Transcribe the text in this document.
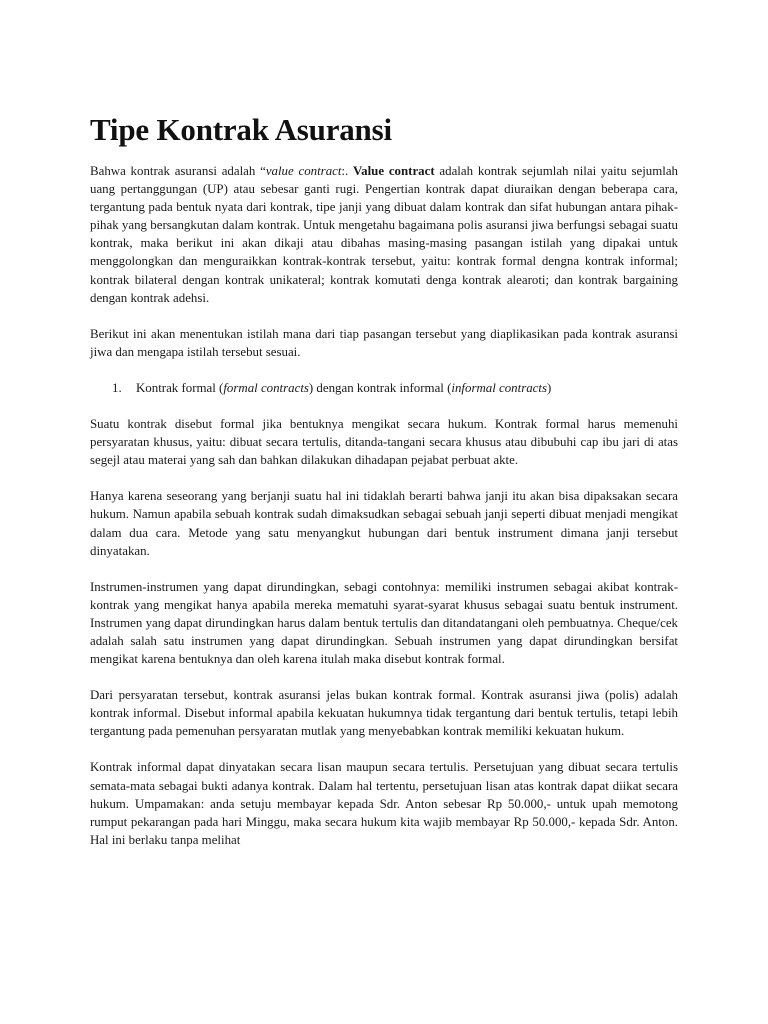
Tipe Kontrak Asuransi

Bahwa kontrak asuransi adalah “value contract:. Value contract adalah kontrak sejumlah nilai yaitu sejumlah uang pertanggungan (UP) atau sebesar ganti rugi. Pengertian kontrak dapat diuraikan dengan beberapa cara, tergantung pada bentuk nyata dari kontrak, tipe janji yang dibuat dalam kontrak dan sifat hubungan antara pihak-pihak yang bersangkutan dalam kontrak. Untuk mengetahu bagaimana polis asuransi jiwa berfungsi sebagai suatu kontrak, maka berikut ini akan dikaji atau dibahas masing-masing pasangan istilah yang dipakai untuk menggolongkan dan menguraikkan kontrak-kontrak tersebut, yaitu: kontrak formal dengna kontrak informal; kontrak bilateral dengan kontrak unikateral; kontrak komutati denga kontrak alearoti; dan kontrak bargaining dengan kontrak adehsi.

Berikut ini akan menentukan istilah mana dari tiap pasangan tersebut yang diaplikasikan pada kontrak asuransi jiwa dan mengapa istilah tersebut sesuai.

1. Kontrak formal (formal contracts) dengan kontrak informal (informal contracts)

Suatu kontrak disebut formal jika bentuknya mengikat secara hukum. Kontrak formal harus memenuhi persyaratan khusus, yaitu: dibuat secara tertulis, ditanda-tangani secara khusus atau dibubuhi cap ibu jari di atas segejl atau materai yang sah dan bahkan dilakukan dihadapan pejabat perbuat akte.

Hanya karena seseorang yang berjanji suatu hal ini tidaklah berarti bahwa janji itu akan bisa dipaksakan secara hukum. Namun apabila sebuah kontrak sudah dimaksudkan sebagai sebuah janji seperti dibuat menjadi mengikat dalam dua cara. Metode yang satu menyangkut hubungan dari bentuk instrument dimana janji tersebut dinyatakan.

Instrumen-instrumen yang dapat dirundingkan, sebagi contohnya: memiliki instrumen sebagai akibat kontrak-kontrak yang mengikat hanya apabila mereka mematuhi syarat-syarat khusus sebagai suatu bentuk instrument. Instrumen yang dapat dirundingkan harus dalam bentuk tertulis dan ditandatangani oleh pembuatnya. Cheque/cek adalah salah satu instrumen yang dapat dirundingkan. Sebuah instrumen yang dapat dirundingkan bersifat mengikat karena bentuknya dan oleh karena itulah maka disebut kontrak formal.

Dari persyaratan tersebut, kontrak asuransi jelas bukan kontrak formal. Kontrak asuransi jiwa (polis) adalah kontrak informal. Disebut informal apabila kekuatan hukumnya tidak tergantung dari bentuk tertulis, tetapi lebih tergantung pada pemenuhan persyaratan mutlak yang menyebabkan kontrak memiliki kekuatan hukum.

Kontrak informal dapat dinyatakan secara lisan maupun secara tertulis. Persetujuan yang dibuat secara tertulis semata-mata sebagai bukti adanya kontrak. Dalam hal tertentu, persetujuan lisan atas kontrak dapat diikat secara hukum. Umpamakan: anda setuju membayar kepada Sdr. Anton sebesar Rp 50.000,- untuk upah memotong rumput pekarangan pada hari Minggu, maka secara hukum kita wajib membayar Rp 50.000,- kepada Sdr. Anton. Hal ini berlaku tanpa melihat
